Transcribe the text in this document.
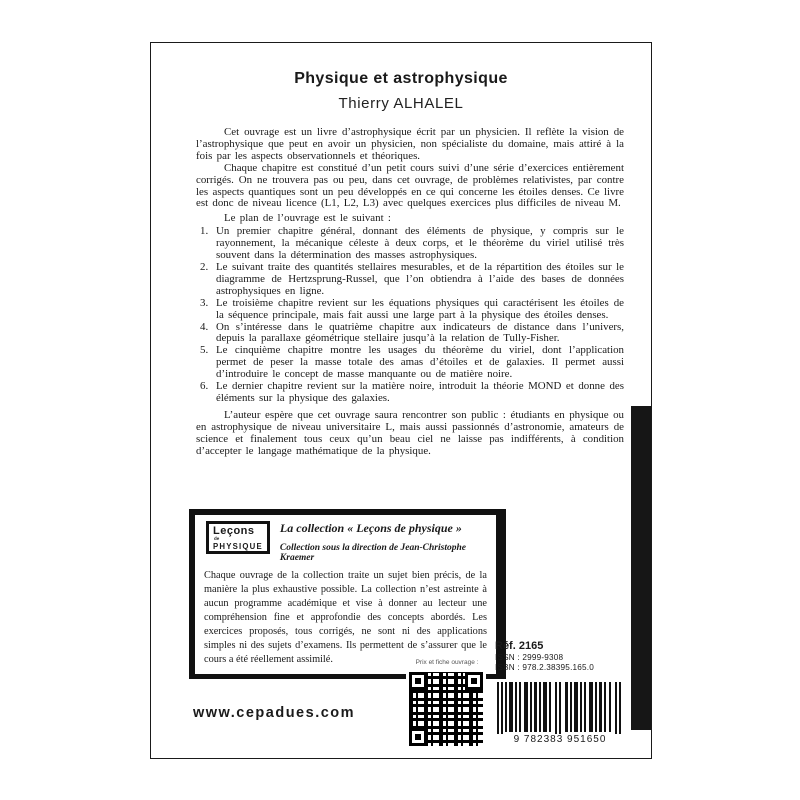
Physique et astrophysique
Thierry ALHALEL

Cet ouvrage est un livre d’astrophysique écrit par un physicien. Il reflète la vision de l’astrophysique que peut en avoir un physicien, non spécialiste du domaine, mais attiré à la fois par les aspects observationnels et théoriques.

Chaque chapitre est constitué d’un petit cours suivi d’une série d’exercices entièrement corrigés. On ne trouvera pas ou peu, dans cet ouvrage, de problèmes relativistes, par contre les aspects quantiques sont un peu développés en ce qui concerne les étoiles denses. Ce livre est donc de niveau licence (L1, L2, L3) avec quelques exercices plus difficiles de niveau M.

Le plan de l’ouvrage est le suivant :

Un premier chapitre général, donnant des éléments de physique, y compris sur le rayonnement, la mécanique céleste à deux corps, et le théorème du viriel utilisé très souvent dans la détermination des masses astrophysiques.
Le suivant traite des quantités stellaires mesurables, et de la répartition des étoiles sur le diagramme de Hertzsprung-Russel, que l’on obtiendra à l’aide des bases de données astrophysiques en ligne.
Le troisième chapitre revient sur les équations physiques qui caractérisent les étoiles de la séquence principale, mais fait aussi une large part à la physique des étoiles denses.
On s’intéresse dans le quatrième chapitre aux indicateurs de distance dans l’univers, depuis la parallaxe géométrique stellaire jusqu’à la relation de Tully-Fisher.
Le cinquième chapitre montre les usages du théorème du viriel, dont l’application permet de peser la masse totale des amas d’étoiles et de galaxies. Il permet aussi d’introduire le concept de masse manquante ou de matière noire.
Le dernier chapitre revient sur la matière noire, introduit la théorie MOND et donne des éléments sur la physique des galaxies.

L’auteur espère que cet ouvrage saura rencontrer son public : étudiants en physique ou en astrophysique de niveau universitaire L, mais aussi passionnés d’astronomie, amateurs de science et finalement tous ceux qu’un beau ciel ne laisse pas indifférents, à condition d’accepter le langage mathématique de la physique.

Leçons
de
PHYSIQUE
La collection « Leçons de physique »
Collection sous la direction de Jean-Christophe Kraemer
Chaque ouvrage de la collection traite un sujet bien précis, de la manière la plus exhaustive possible. La collection n’est astreinte à aucun programme académique et vise à donner au lecteur une compréhension fine et approfondie des concepts abordés. Les exercices proposés, tous corrigés, ne sont ni des applications simples ni des sujets d’examens. Ils permettent de s’assurer que le cours a été réellement assimilé.
www.cepadues.com
Prix et fiche ouvrage :
Réf. 2165
ISSN : 2999-9308
ISBN : 978.2.38395.165.0
9 782383 951650
